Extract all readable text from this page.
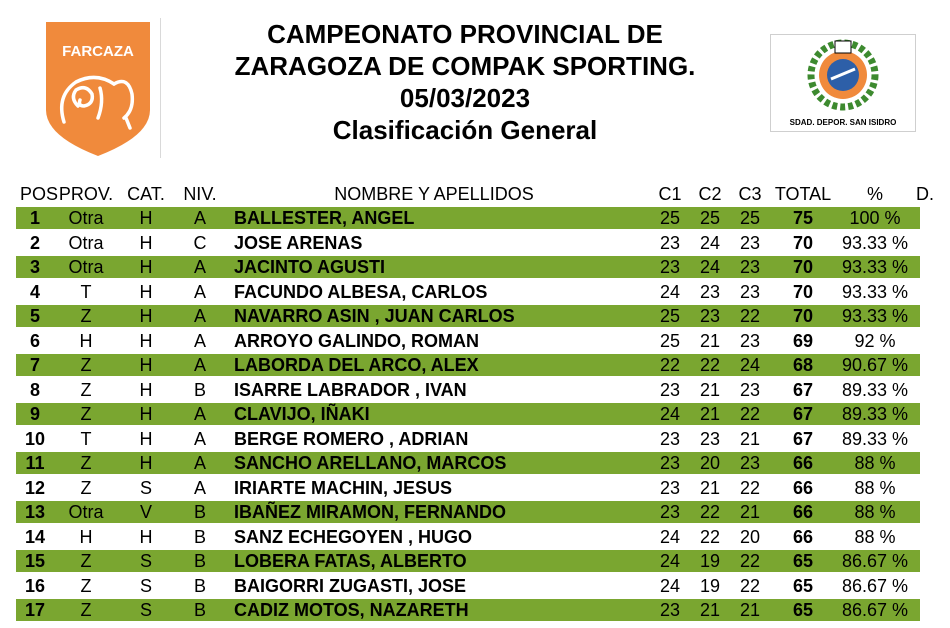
FARCAZA
CAMPEONATO PROVINCIAL DE
ZARAGOZA DE COMPAK SPORTING.
05/03/2023
Clasificación General	SDAD. DEPOR. SAN ISIDRO
POS PROV. CAT. NIV.	NOMBRE Y APELLIDOS	C1 C2 C3 TOTAL	%	D.
1	Otra	H	A	BALLESTER, ANGEL	25	25	25	75	100 %
2	Otra	H	C	JOSE ARENAS	23	24	23	70	93.33 %
3	Otra	H	A	JACINTO AGUSTI	23	24	23	70	93.33 %
4	T	H	A	FACUNDO ALBESA, CARLOS	24	23	23	70	93.33 %
5	Z	H	A	NAVARRO ASIN , JUAN CARLOS	25	23	22	70	93.33 %
6	H	H	A	ARROYO GALINDO, ROMAN	25	21	23	69	92 %
7	Z	H	A	LABORDA DEL ARCO, ALEX	22	22	24	68	90.67 %
8	Z	H	B	ISARRE LABRADOR , IVAN	23	21	23	67	89.33 %
9	Z	H	A	CLAVIJO, IÑAKI	24	21	22	67	89.33 %
10	T	H	A	BERGE ROMERO , ADRIAN	23	23	21	67	89.33 %
11	Z	H	A	SANCHO ARELLANO, MARCOS	23	20	23	66	88 %
12	Z	S	A	IRIARTE MACHIN, JESUS	23	21	22	66	88 %
13	Otra	V	B	IBAÑEZ MIRAMON, FERNANDO	23	22	21	66	88 %
14	H	H	B	SANZ ECHEGOYEN , HUGO	24	22	20	66	88 %
15	Z	S	B	LOBERA FATAS, ALBERTO	24	19	22	65	86.67 %
16	Z	S	B	BAIGORRI ZUGASTI, JOSE	24	19	22	65	86.67 %
17	Z	S	B	CADIZ MOTOS, NAZARETH	23	21	21	65	86.67 %
